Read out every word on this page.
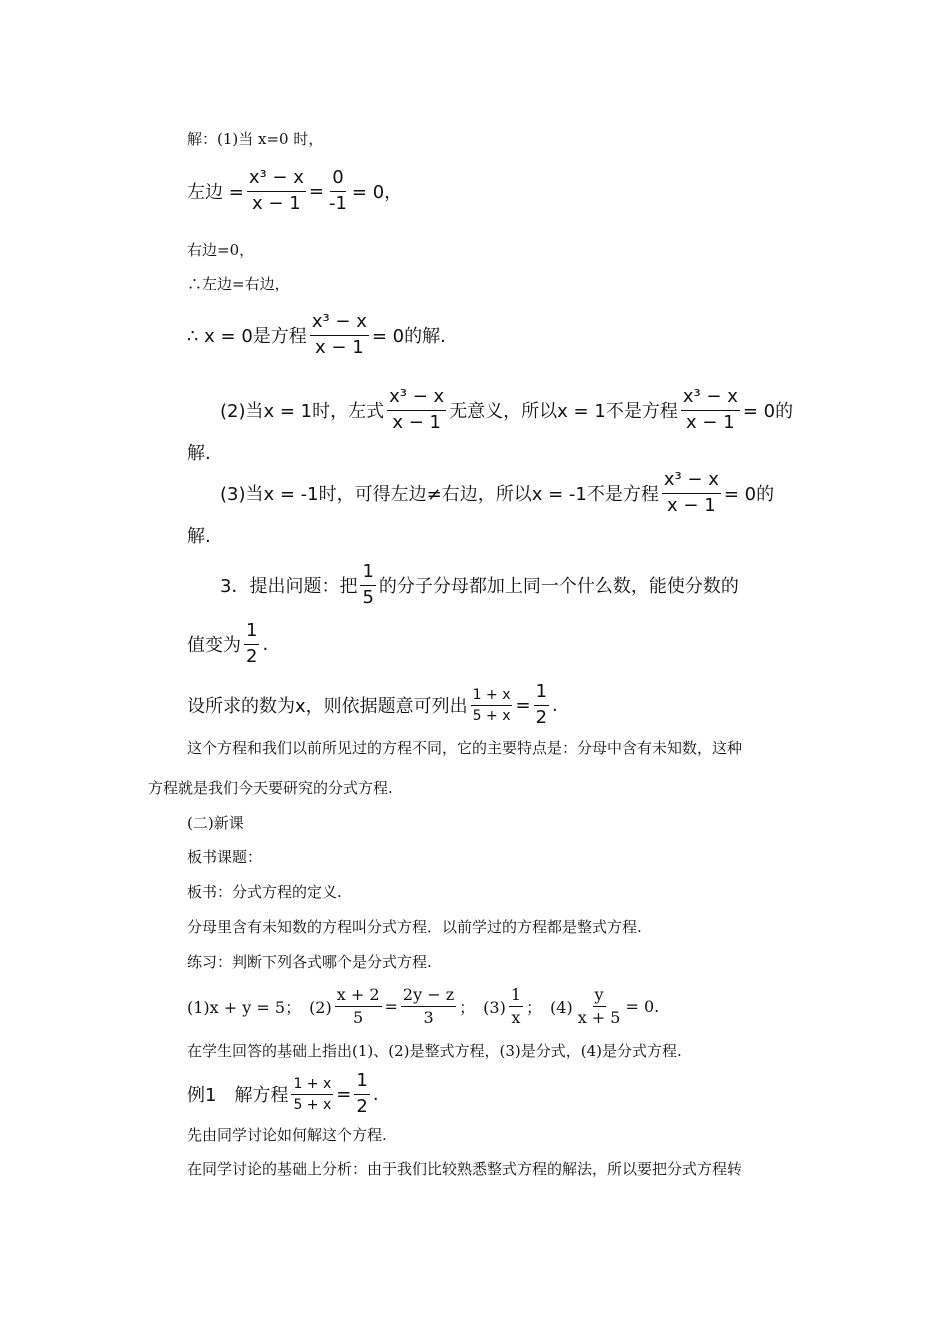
解：(1)当 x=0 时，
左边 = $\frac{\text{x³ − x}}{x - 1} = \frac{0}{-1} = 0$，
右边=0，
∴左边=右边，
∴ x = 0是方程 $\frac{\text{x³ − x}}{x - 1} = 0$的解.
(2)当x = 1时，左式 $\frac{\text{x³ − x}}{x - 1}$ 无意义，所以x = 1不是方程 $\frac{\text{x³ − x}}{x - 1} = 0$的
解.
(3)当x = -1时，可得左边≠右边，所以x = -1不是方程 $\frac{\text{x³ − x}}{x - 1} = 0$的
解.
3．提出问题：把 $\frac{1}{5}$ 的分子分母都加上同一个什么数，能使分数的
值变为 $\frac{1}{2}$ .
设所求的数为x，则依据题意可列出 $\frac{1 + x}{5 + x} = \frac{1}{2}$ .
这个方程和我们以前所见过的方程不同，它的主要特点是：分母中含有未知数，这种
方程就是我们今天要研究的分式方程.
(二)新课
板书课题：
板书：分式方程的定义.
分母里含有未知数的方程叫分式方程．以前学过的方程都是整式方程.
练习：判断下列各式哪个是分式方程.
(1)x + y = 5；　$(2) \frac{x + 2}{5} = \frac{2y - z}{3}$ ；　$(3) \frac{1}{x}$ ；　$(4) \frac{y}{x + 5} = 0$.
在学生回答的基础上指出(1)、(2)是整式方程，(3)是分式，(4)是分式方程.
例1　解方程 $\frac{1 + x}{5 + x} = \frac{1}{2}$ .
先由同学讨论如何解这个方程.
在同学讨论的基础上分析：由于我们比较熟悉整式方程的解法，所以要把分式方程转
